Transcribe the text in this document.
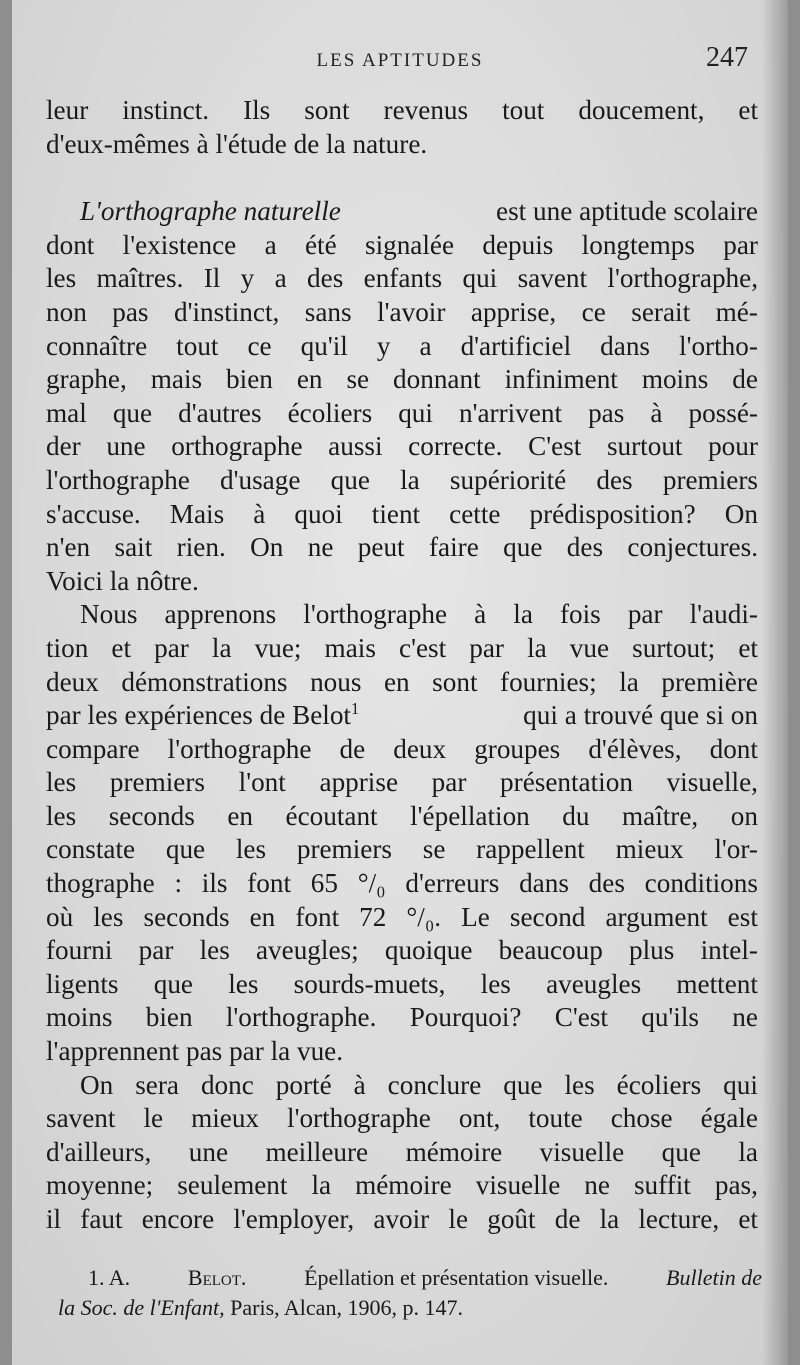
LES APTITUDES	247
leur instinct. Ils sont revenus tout doucement, et
d'eux-mêmes à l'étude de la nature.
L'orthographe naturelle	est une aptitude scolaire
dont l'existence a été signalée depuis longtemps par
les maîtres. Il y a des enfants qui savent l'orthographe,
non pas d'instinct, sans l'avoir apprise, ce serait mé-
connaître tout ce qu'il y a d'artificiel dans l'ortho-
graphe, mais bien en se donnant infiniment moins de
mal que d'autres écoliers qui n'arrivent pas à possé-
der une orthographe aussi correcte. C'est surtout pour
l'orthographe d'usage que la supériorité des premiers
s'accuse. Mais à quoi tient cette prédisposition? On
n'en sait rien. On ne peut faire que des conjectures.
Voici la nôtre.
Nous apprenons l'orthographe à la fois par l'audi-
tion et par la vue; mais c'est par la vue surtout; et
deux démonstrations nous en sont fournies; la première
par les expériences de Belot$^1$	qui a trouvé que si on
compare l'orthographe de deux groupes d'élèves, dont
les premiers l'ont apprise par présentation visuelle,
les seconds en écoutant l'épellation du maître, on
constate que les premiers se rappellent mieux l'or-
thographe : ils font 65 °/₀ d'erreurs dans des conditions
où les seconds en font 72 °/₀. Le second argument est
fourni par les aveugles; quoique beaucoup plus intel-
ligents que les sourds-muets, les aveugles mettent
moins bien l'orthographe. Pourquoi? C'est qu'ils ne
l'apprennent pas par la vue.
On sera donc porté à conclure que les écoliers qui
savent le mieux l'orthographe ont, toute chose égale
d'ailleurs, une meilleure mémoire visuelle que la
moyenne; seulement la mémoire visuelle ne suffit pas,
il faut encore l'employer, avoir le goût de la lecture, et
1. A.	Belot.	Épellation et présentation visuelle.	Bulletin de
la Soc. de l'Enfant,
Paris, Alcan, 1906, p. 147.
